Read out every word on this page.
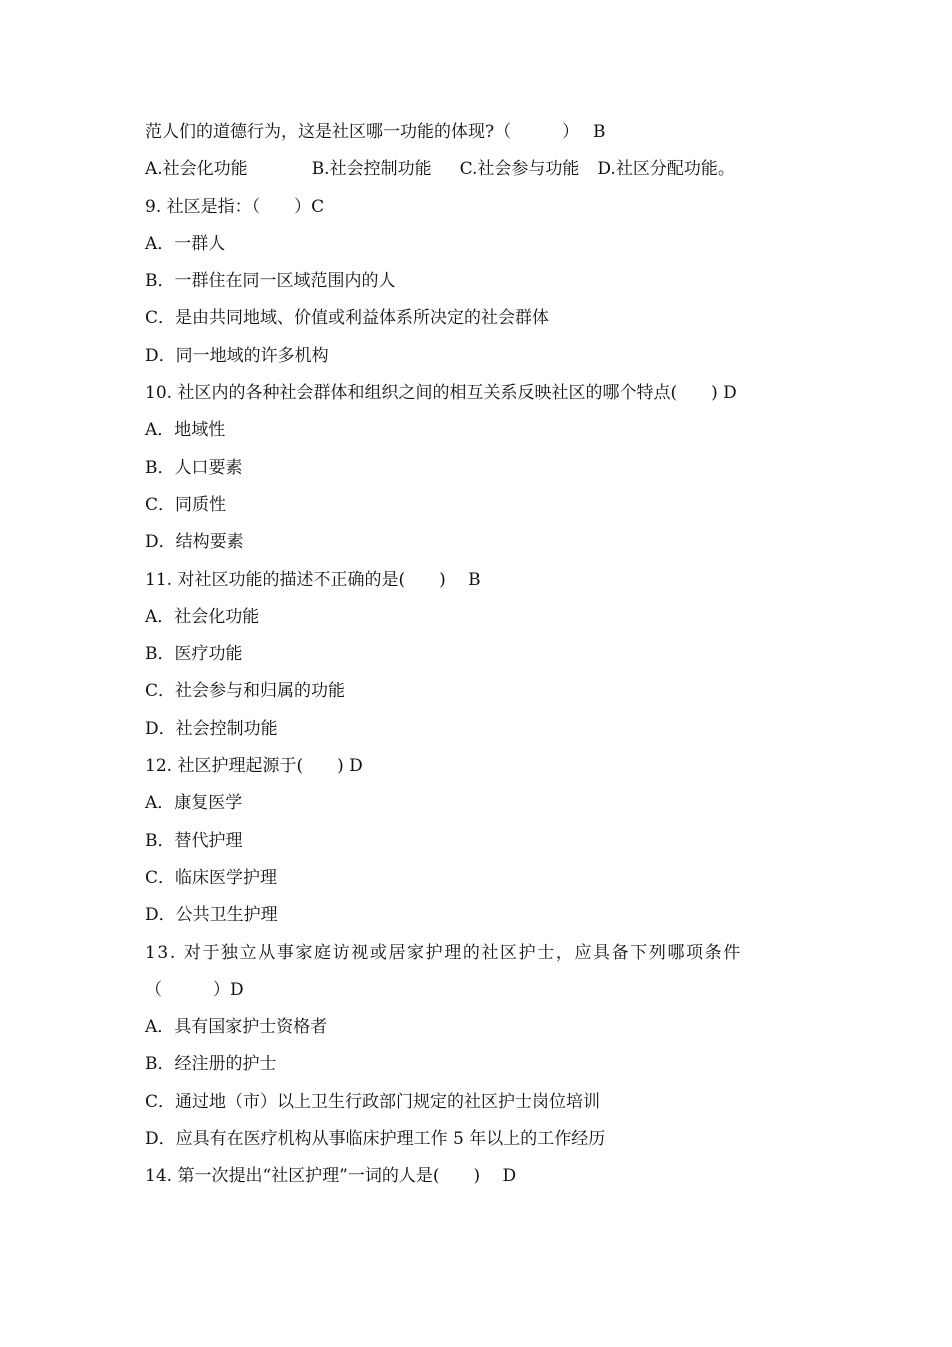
范人们的道德行为，这是社区哪一功能的体现?（　　　）　 B
A.社会化功能	B.社会控制功能 C.社会参与功能 D.社区分配功能。
9. 社区是指：（　　）C
A．一群人
B．一群住在同一区域范围内的人
C．是由共同地域、价值或利益体系所决定的社会群体
D．同一地域的许多机构
10. 社区内的各种社会群体和组织之间的相互关系反映社区的哪个特点(　　) D
A．地域性
B．人口要素
C．同质性
D．结构要素
11. 对社区功能的描述不正确的是(　　)　 B
A．社会化功能
B．医疗功能
C．社会参与和归属的功能
D．社会控制功能
12. 社区护理起源于(　　) D
A．康复医学
B．替代护理
C．临床医学护理
D．公共卫生护理
13. 对于独立从事家庭访视或居家护理的社区护士，应具备下列哪项条件
（　　　）D
A．具有国家护士资格者
B．经注册的护士
C．通过地（市）以上卫生行政部门规定的社区护士岗位培训
D．应具有在医疗机构从事临床护理工作 5 年以上的工作经历
14. 第一次提出“社区护理”一词的人是(　　)　 D
